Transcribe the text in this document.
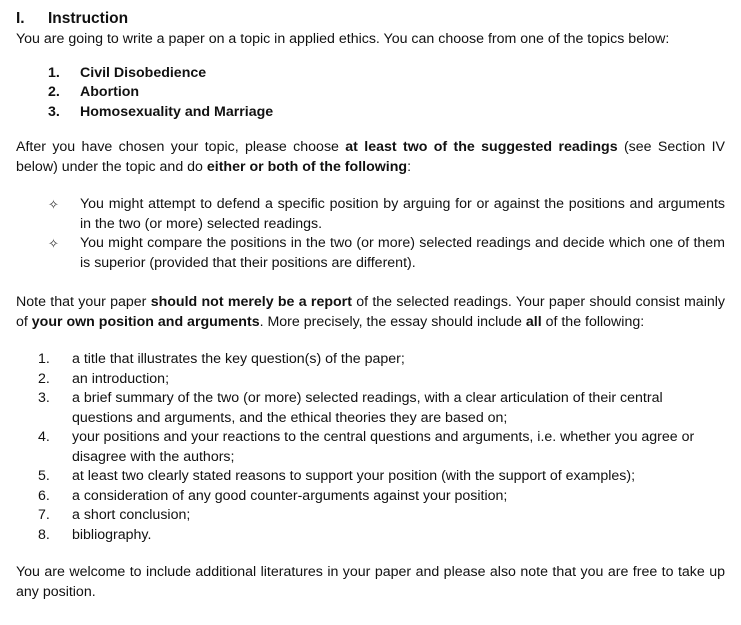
I.	Instruction

You are going to write a paper on a topic in applied ethics. You can choose from one of the topics below:

1.	Civil Disobedience
2.	Abortion
3.	Homosexuality and Marriage

After you have chosen your topic, please choose at least two of the suggested readings (see Section IV below) under the topic and do either or both of the following:

✧	You might attempt to defend a specific position by arguing for or against the positions and arguments in the two (or more) selected readings.
✧	You might compare the positions in the two (or more) selected readings and decide which one of them is superior (provided that their positions are different).

Note that your paper should not merely be a report of the selected readings. Your paper should consist mainly of your own position and arguments. More precisely, the essay should include all of the following:

1.	a title that illustrates the key question(s) of the paper;
2.	an introduction;
3.	a brief summary of the two (or more) selected readings, with a clear articulation of their central questions and arguments, and the ethical theories they are based on;
4.	your positions and your reactions to the central questions and arguments, i.e. whether you agree or disagree with the authors;
5.	at least two clearly stated reasons to support your position (with the support of examples);
6.	a consideration of any good counter-arguments against your position;
7.	a short conclusion;
8.	bibliography.

You are welcome to include additional literatures in your paper and please also note that you are free to take up any position.
